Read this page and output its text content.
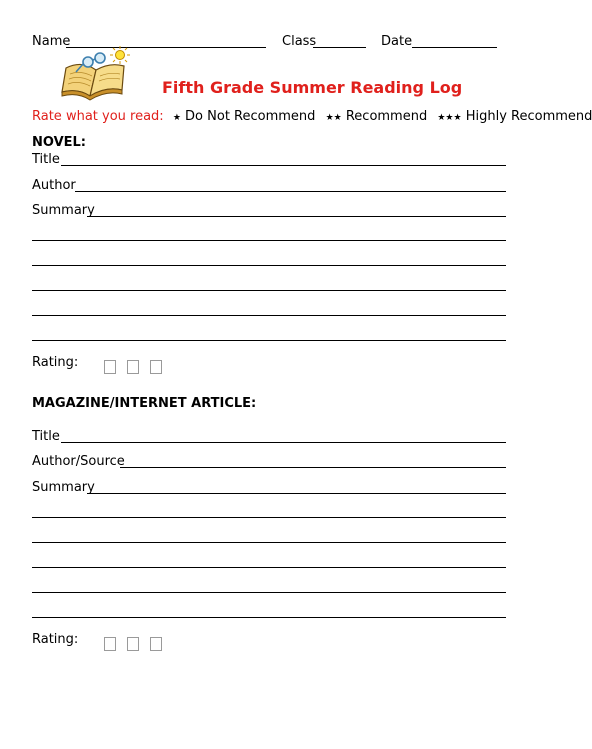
Name	Class	Date
Fifth Grade Summer Reading Log
Rate what you read: ★ Do Not Recommend ★★ Recommend ★★★ Highly Recommend
NOVEL:
Title
Author
Summary
Rating:
MAGAZINE/INTERNET ARTICLE:
Title
Author/Source
Summary
Rating:
